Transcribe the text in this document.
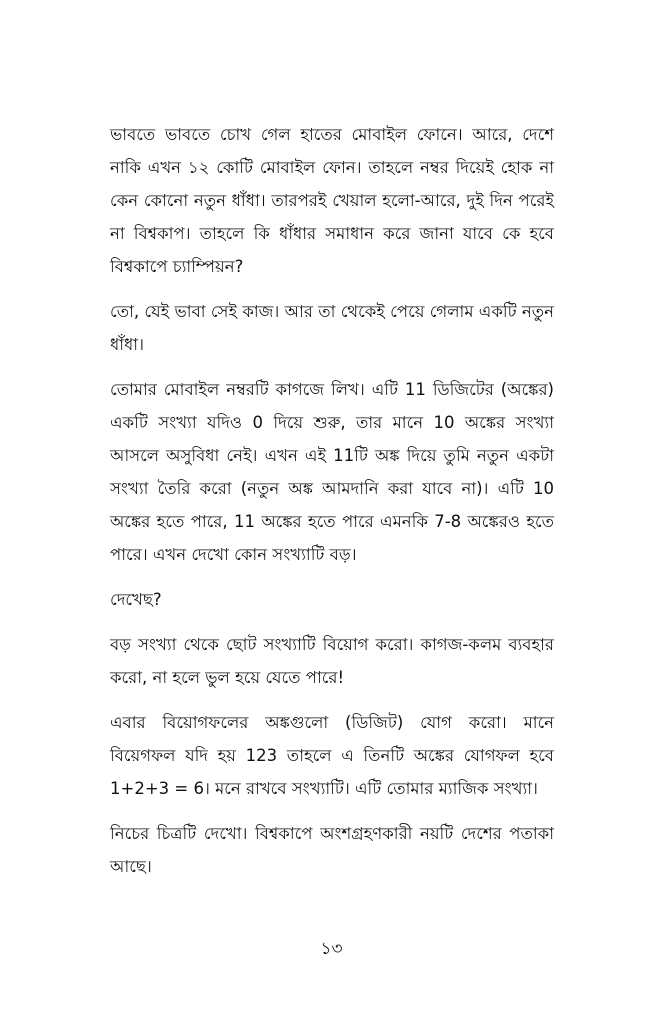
ভাবতে ভাবতে চোখ গেল হাতের মোবাইল ফোনে। আরে, দেশে নাকি এখন ১২ কোটি মোবাইল ফোন। তাহলে নম্বর দিয়েই হোক না কেন কোনো নতুন ধাঁধা। তারপরই খেয়াল হলো-আরে, দুই দিন পরেই না বিশ্বকাপ। তাহলে কি ধাঁধার সমাধান করে জানা যাবে কে হবে বিশ্বকাপে চ্যাম্পিয়ন?

তো, যেই ভাবা সেই কাজ। আর তা থেকেই পেয়ে গেলাম একটি নতুন ধাঁধা।

তোমার মোবাইল নম্বরটি কাগজে লিখ। এটি 11 ডিজিটের (অঙ্কের) একটি সংখ্যা যদিও 0 দিয়ে শুরু, তার মানে 10 অঙ্কের সংখ্যা আসলে অসুবিধা নেই। এখন এই 11টি অঙ্ক দিয়ে তুমি নতুন একটা সংখ্যা তৈরি করো (নতুন অঙ্ক আমদানি করা যাবে না)। এটি 10 অঙ্কের হতে পারে, 11 অঙ্কের হতে পারে এমনকি 7-8 অঙ্কেরও হতে পারে। এখন দেখো কোন সংখ্যাটি বড়।

দেখেছ?

বড় সংখ্যা থেকে ছোট সংখ্যাটি বিয়োগ করো। কাগজ-কলম ব্যবহার করো, না হলে ভুল হয়ে যেতে পারে!

এবার বিয়োগফলের অঙ্কগুলো (ডিজিট) যোগ করো। মানে বিয়েগফল যদি হয় 123 তাহলে এ তিনটি অঙ্কের যোগফল হবে 1+2+3 = 6। মনে রাখবে সংখ্যাটি। এটি তোমার ম্যাজিক সংখ্যা।

নিচের চিত্রটি দেখো। বিশ্বকাপে অংশগ্রহণকারী নয়টি দেশের পতাকা আছে।

১৩
